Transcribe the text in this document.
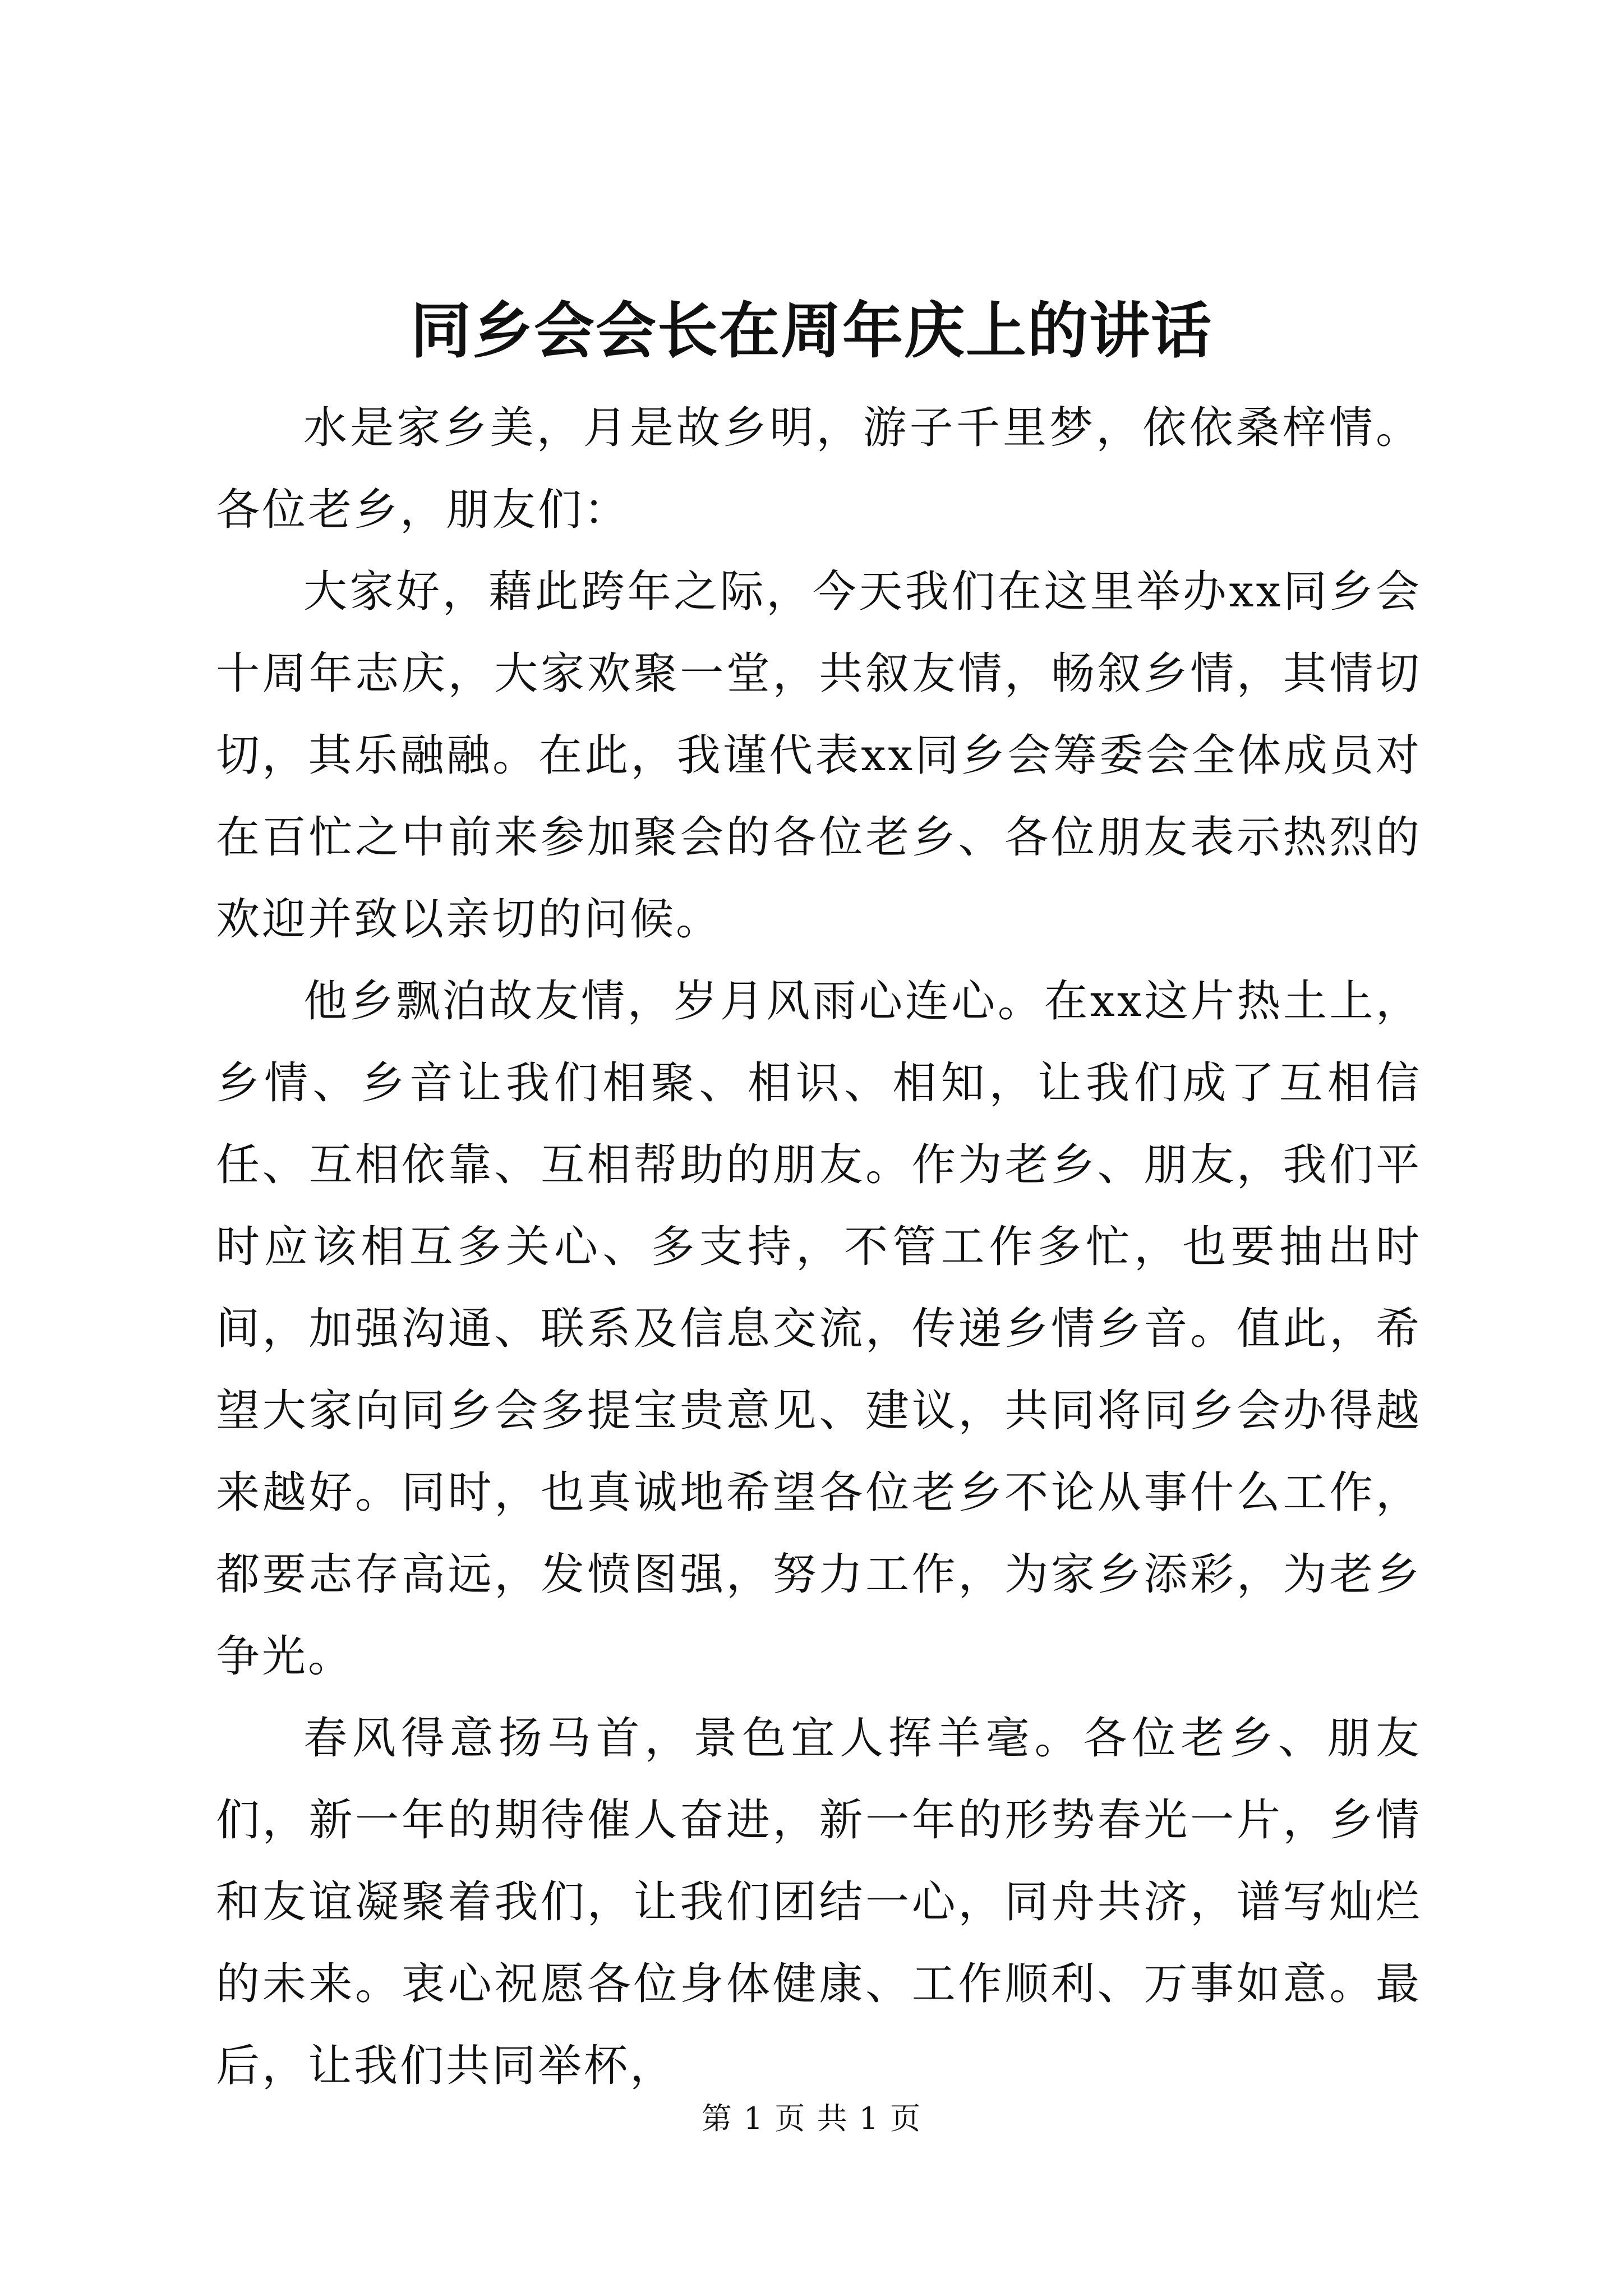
同乡会会长在周年庆上的讲话

水是家乡美，月是故乡明，游子千里梦，依依桑梓情。各位老乡，朋友们：

大家好，藉此跨年之际，今天我们在这里举办xx同乡会十周年志庆，大家欢聚一堂，共叙友情，畅叙乡情，其情切切，其乐融融。在此，我谨代表xx同乡会筹委会全体成员对在百忙之中前来参加聚会的各位老乡、各位朋友表示热烈的欢迎并致以亲切的问候。

他乡飘泊故友情，岁月风雨心连心。在xx这片热土上，乡情、乡音让我们相聚、相识、相知，让我们成了互相信任、互相依靠、互相帮助的朋友。作为老乡、朋友，我们平时应该相互多关心、多支持，不管工作多忙，也要抽出时间，加强沟通、联系及信息交流，传递乡情乡音。值此，希望大家向同乡会多提宝贵意见、建议，共同将同乡会办得越来越好。同时，也真诚地希望各位老乡不论从事什么工作，都要志存高远，发愤图强，努力工作，为家乡添彩，为老乡争光。

春风得意扬马首，景色宜人挥羊毫。各位老乡、朋友们，新一年的期待催人奋进，新一年的形势春光一片，乡情和友谊凝聚着我们，让我们团结一心，同舟共济，谱写灿烂的未来。衷心祝愿各位身体健康、工作顺利、万事如意。最后，让我们共同举杯，

第 1 页 共 1 页
